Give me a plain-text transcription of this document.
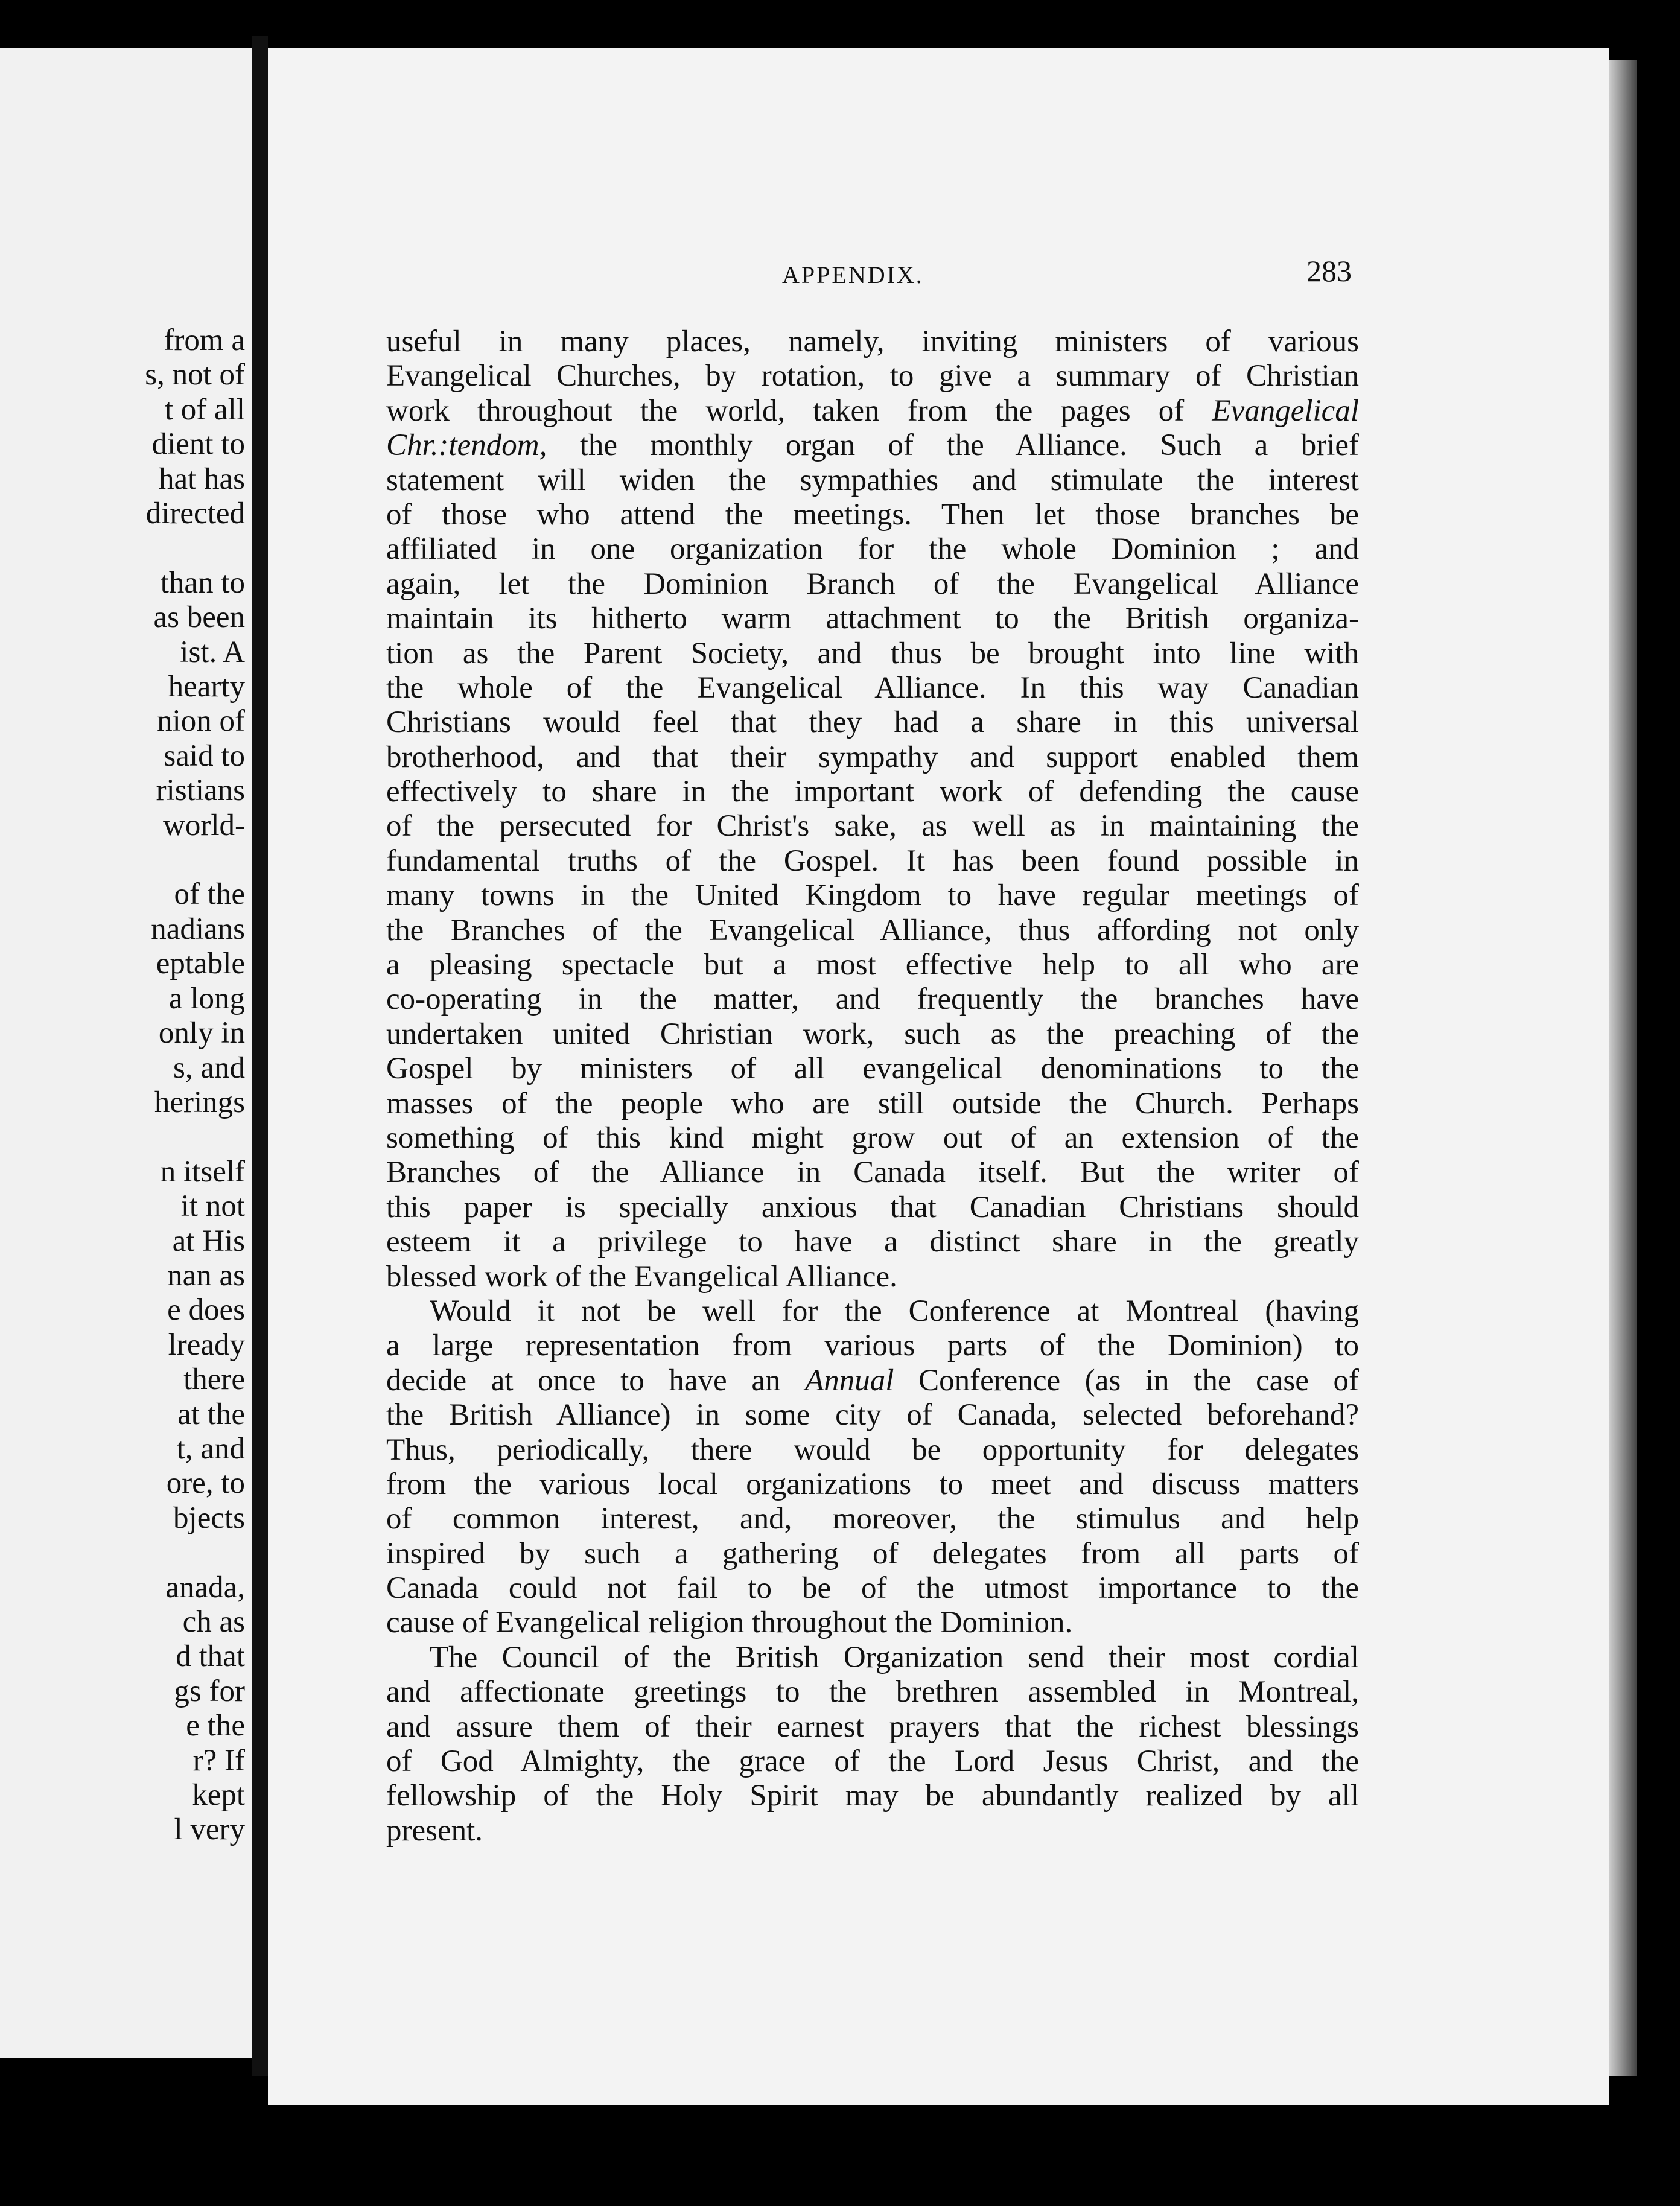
from a
s, not of
t of all
dient to
hat has
directed
than to
as been
ist. A
hearty
nion of
said to
ristians
world-
of the
nadians
eptable
a long
only in
s, and
herings
n itself
it not
at His
nan as
e does
lready
there
at the
t, and
ore, to
bjects
anada,
ch as
d that
gs for
e the
r? If
kept
l very
APPENDIX.	283
useful in many places, namely, inviting ministers of various
Evangelical Churches, by rotation, to give a summary of Christian
work throughout the world, taken from the pages of Evangelical
Chr.:tendom, the monthly organ of the Alliance. Such a brief
statement will widen the sympathies and stimulate the interest
of those who attend the meetings. Then let those branches be
affiliated in one organization for the whole Dominion ; and
again, let the Dominion Branch of the Evangelical Alliance
maintain its hitherto warm attachment to the British organiza-
tion as the Parent Society, and thus be brought into line with
the whole of the Evangelical Alliance. In this way Canadian
Christians would feel that they had a share in this universal
brotherhood, and that their sympathy and support enabled them
effectively to share in the important work of defending the cause
of the persecuted for Christ's sake, as well as in maintaining the
fundamental truths of the Gospel. It has been found possible in
many towns in the United Kingdom to have regular meetings of
the Branches of the Evangelical Alliance, thus affording not only
a pleasing spectacle but a most effective help to all who are
co-operating in the matter, and frequently the branches have
undertaken united Christian work, such as the preaching of the
Gospel by ministers of all evangelical denominations to the
masses of the people who are still outside the Church. Perhaps
something of this kind might grow out of an extension of the
Branches of the Alliance in Canada itself. But the writer of
this paper is specially anxious that Canadian Christians should
esteem it a privilege to have a distinct share in the greatly
blessed work of the Evangelical Alliance.
Would it not be well for the Conference at Montreal (having
a large representation from various parts of the Dominion) to
decide at once to have an Annual Conference (as in the case of
the British Alliance) in some city of Canada, selected beforehand?
Thus, periodically, there would be opportunity for delegates
from the various local organizations to meet and discuss matters
of common interest, and, moreover, the stimulus and help
inspired by such a gathering of delegates from all parts of
Canada could not fail to be of the utmost importance to the
cause of Evangelical religion throughout the Dominion.
The Council of the British Organization send their most cordial
and affectionate greetings to the brethren assembled in Montreal,
and assure them of their earnest prayers that the richest blessings
of God Almighty, the grace of the Lord Jesus Christ, and the
fellowship of the Holy Spirit may be abundantly realized by all
present.
